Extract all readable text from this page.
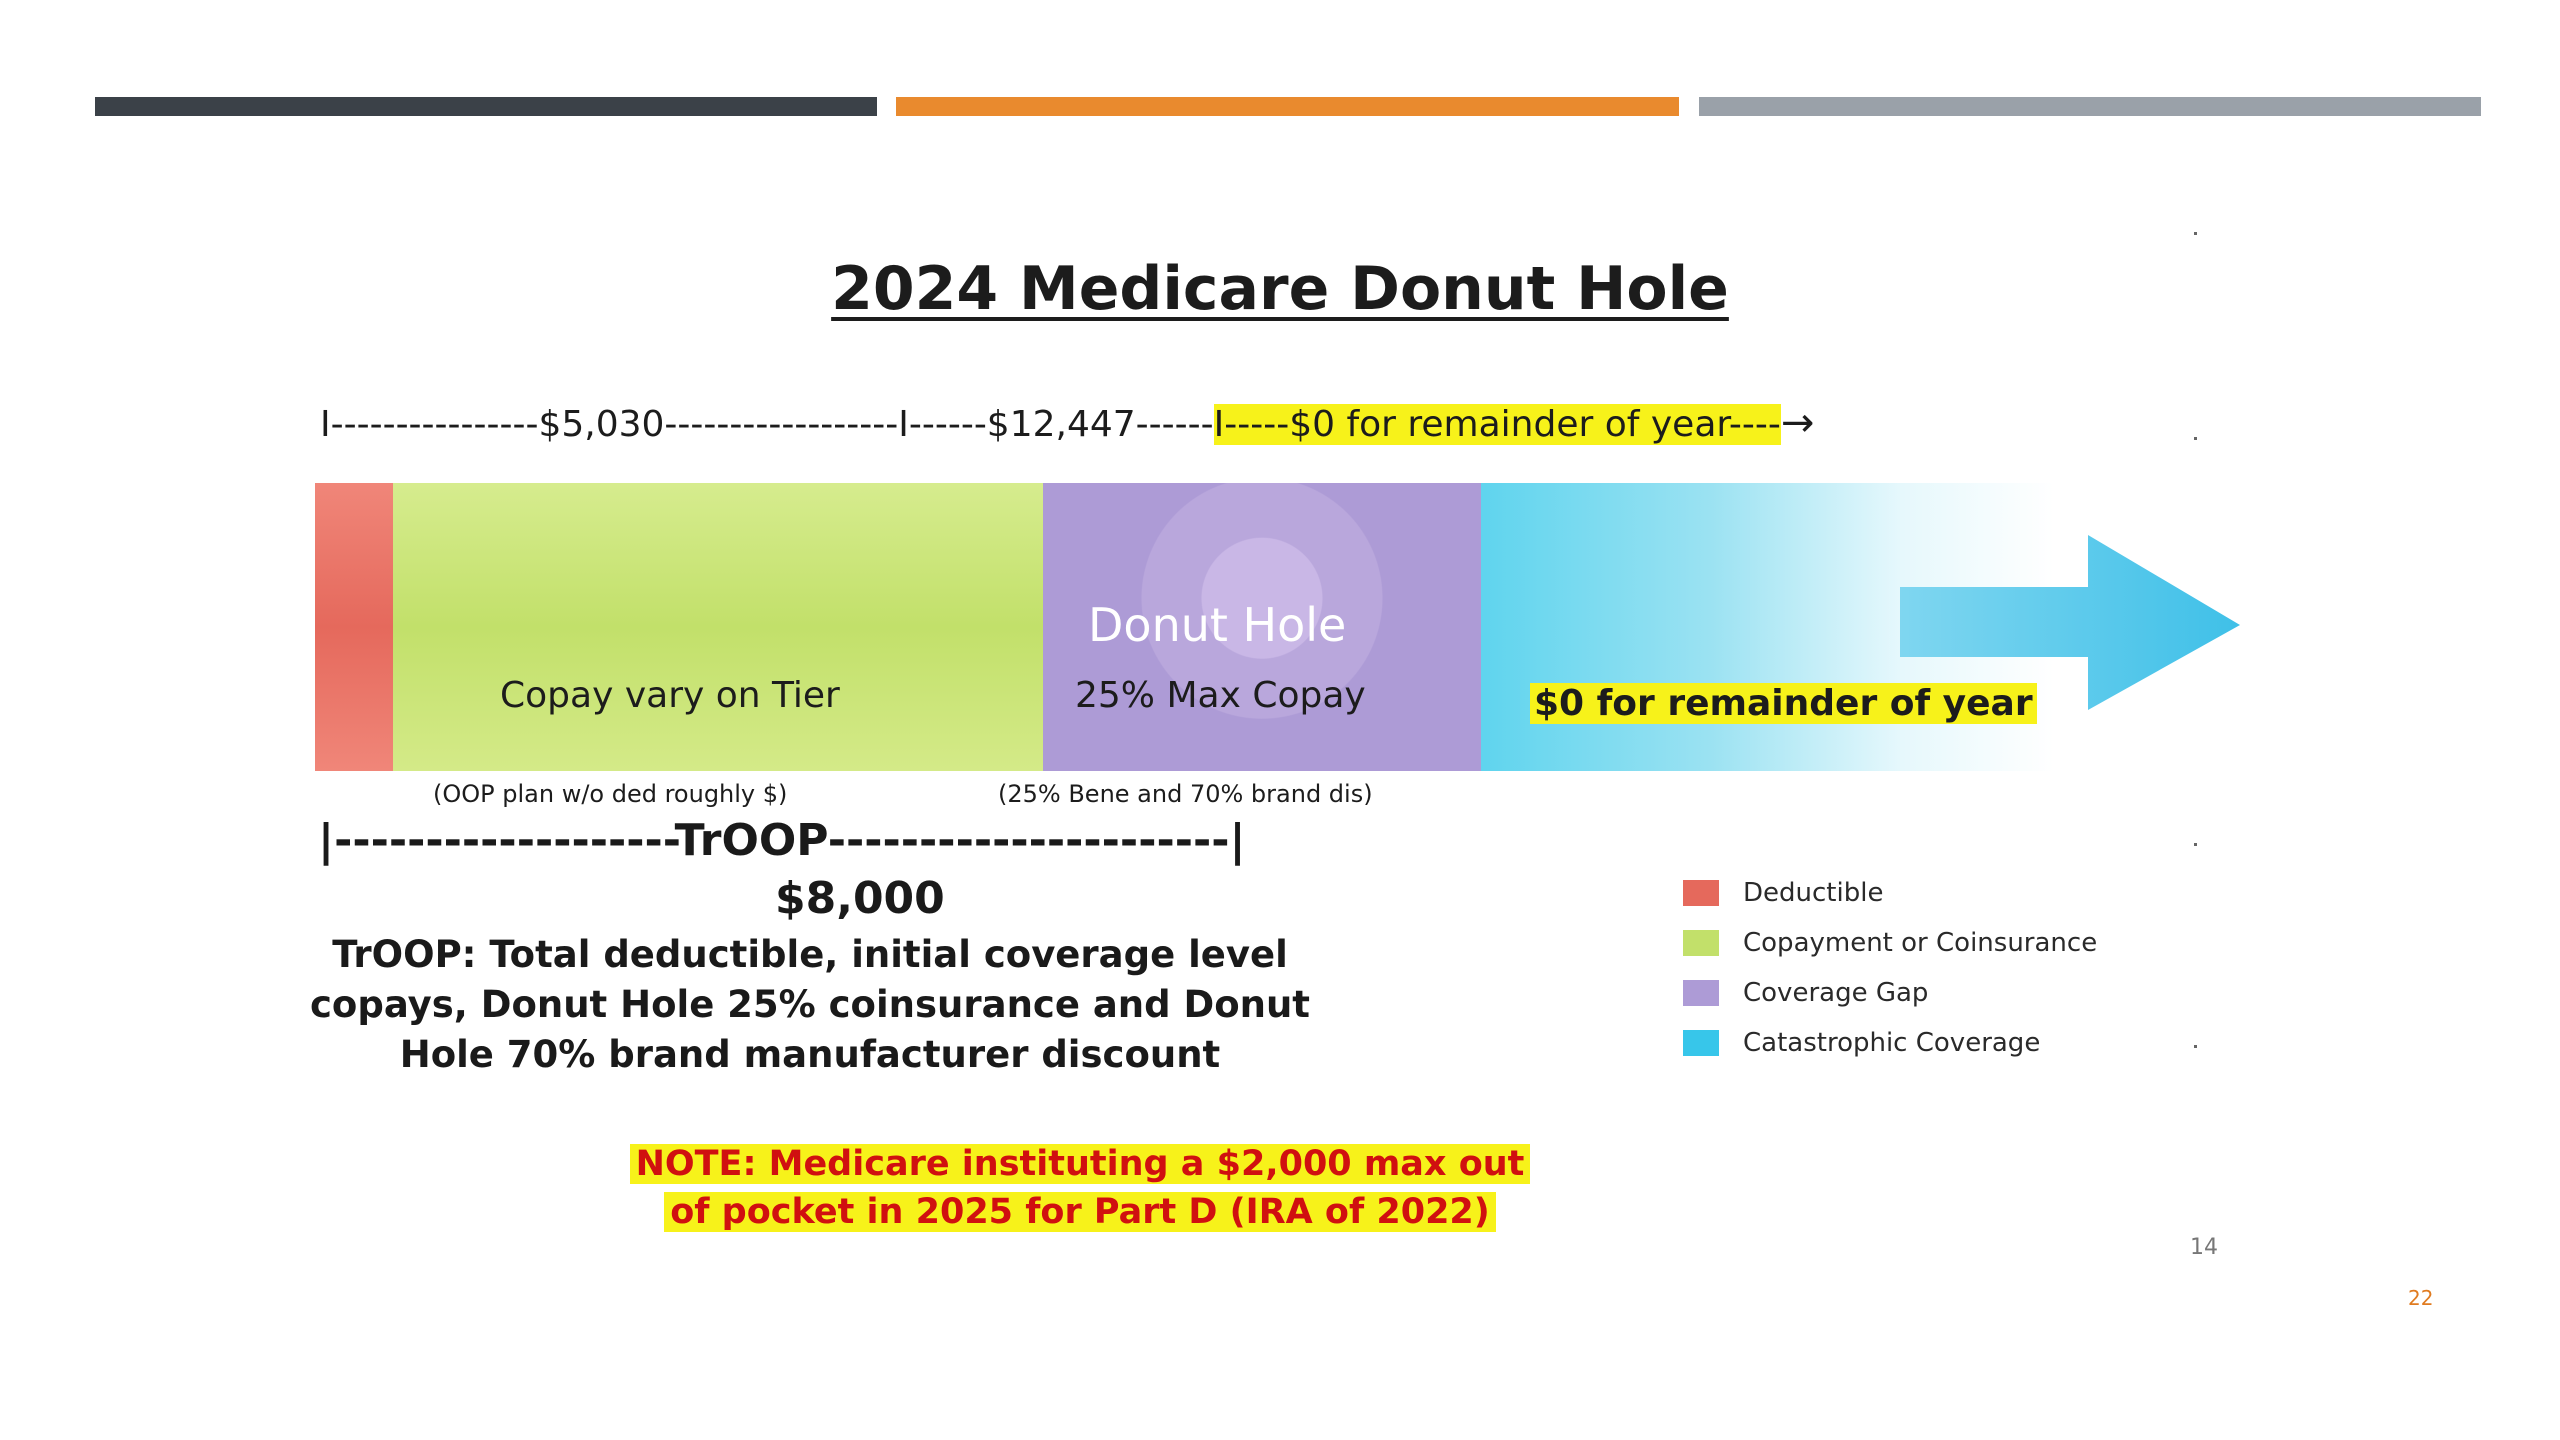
2024 Medicare Donut Hole
I----------------$5,030------------------I------$12,447------I-----$0 for remainder of year----→
Copay vary on Tier
Donut Hole
25% Max Copay	$0 for remainder of year
(OOP plan w/o ded roughly $)	(25% Bene and 70% brand dis)
|-------------------TrOOP----------------------|
$8,000
TrOOP: Total deductible, initial coverage level copays, Donut Hole 25% coinsurance and Donut Hole 70% brand manufacturer discount
Deductible
Copayment or Coinsurance
Coverage Gap
Catastrophic Coverage
NOTE: Medicare instituting a $2,000 max out
of pocket in 2025 for Part D (IRA of 2022)
14
22
